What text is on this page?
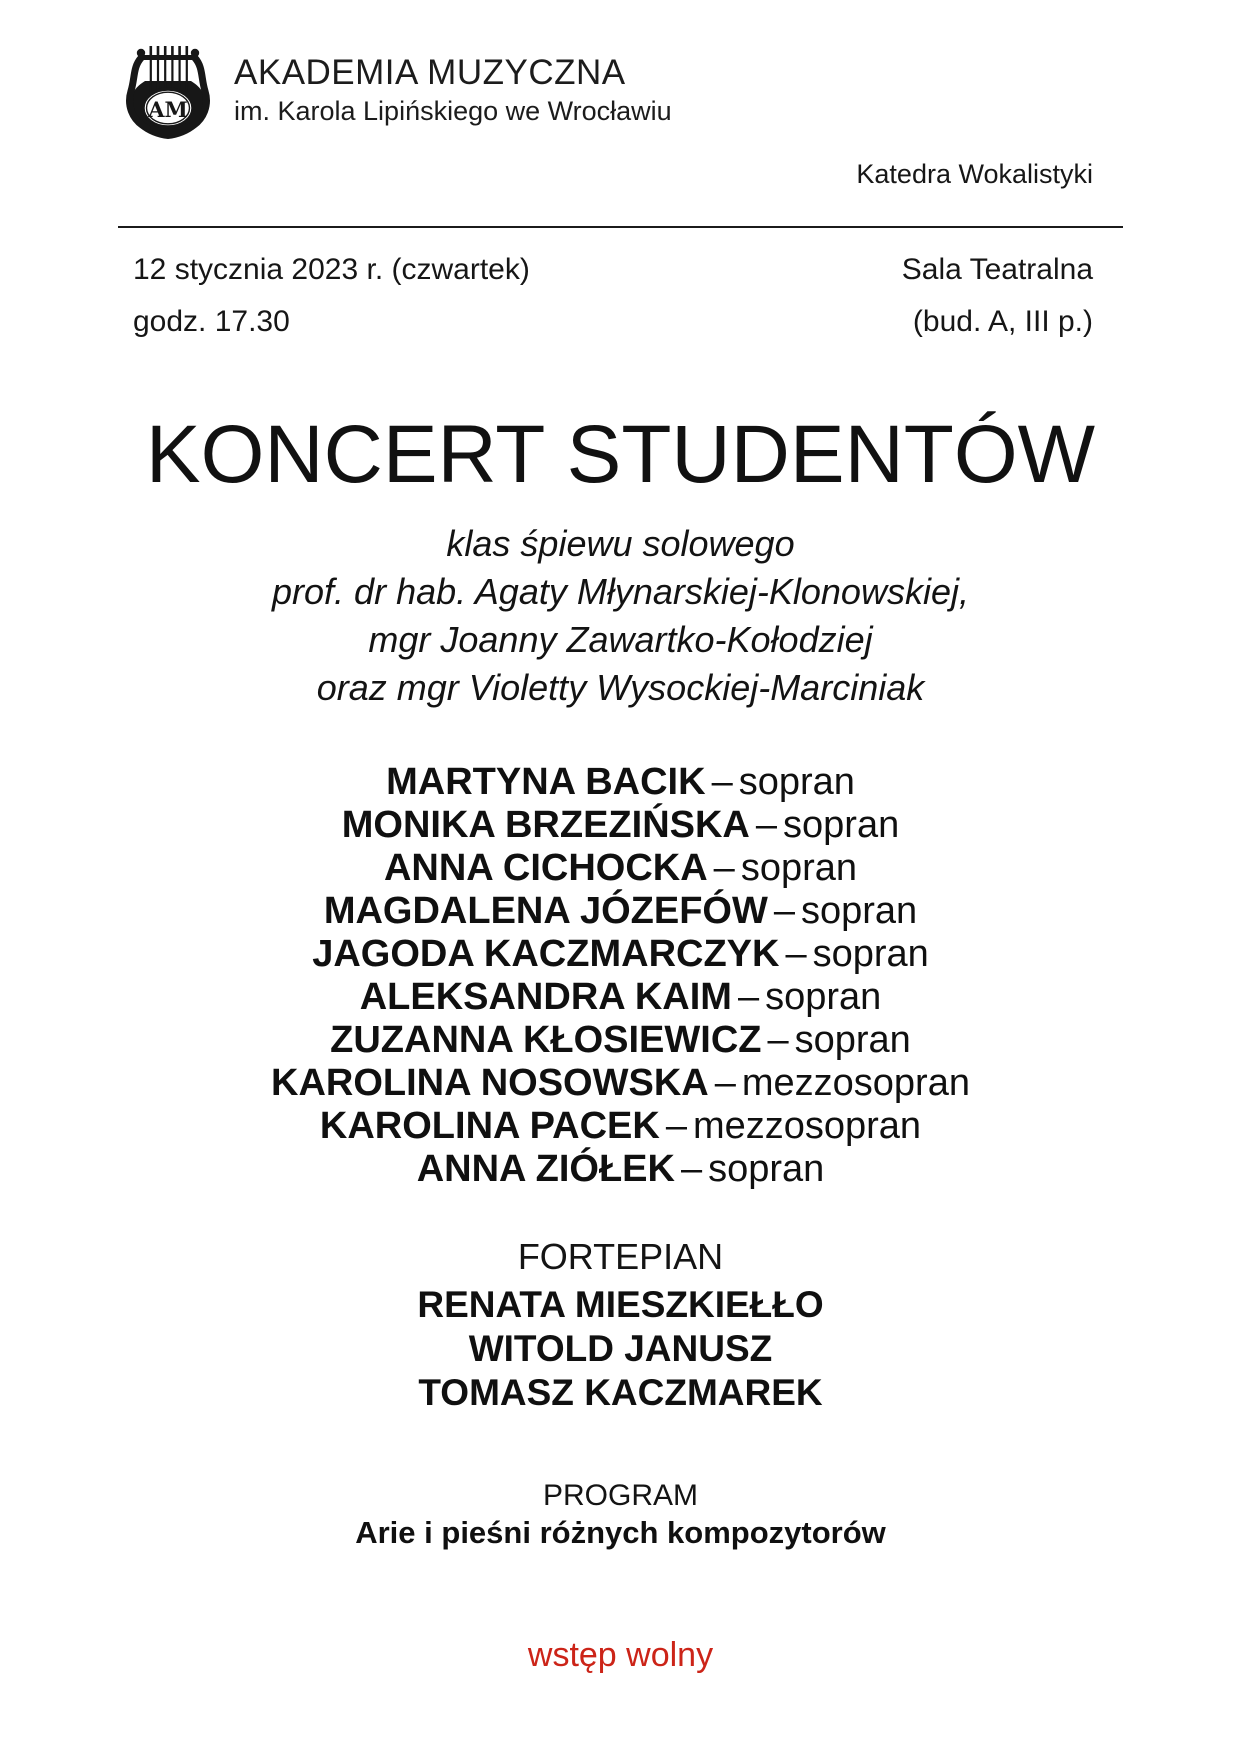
AM
AKADEMIA MUZYCZNA
im. Karola Lipińskiego we Wrocławiu
Katedra Wokalistyki
12 stycznia 2023 r. (czwartek)
godz. 17.30
Sala Teatralna
(bud. A, III p.)
KONCERT STUDENTÓW
klas śpiewu solowego
prof. dr hab. Agaty Młynarskiej-Klonowskiej,
mgr Joanny Zawartko-Kołodziej
oraz mgr Violetty Wysockiej-Marciniak
MARTYNA BACIK – sopran
MONIKA BRZEZIŃSKA – sopran
ANNA CICHOCKA – sopran
MAGDALENA JÓZEFÓW – sopran
JAGODA KACZMARCZYK – sopran
ALEKSANDRA KAIM – sopran
ZUZANNA KŁOSIEWICZ – sopran
KAROLINA NOSOWSKA – mezzosopran
KAROLINA PACEK – mezzosopran
ANNA ZIÓŁEK – sopran
FORTEPIAN
RENATA MIESZKIEŁŁO
WITOLD JANUSZ
TOMASZ KACZMAREK
PROGRAM
Arie i pieśni różnych kompozytorów
wstęp wolny
